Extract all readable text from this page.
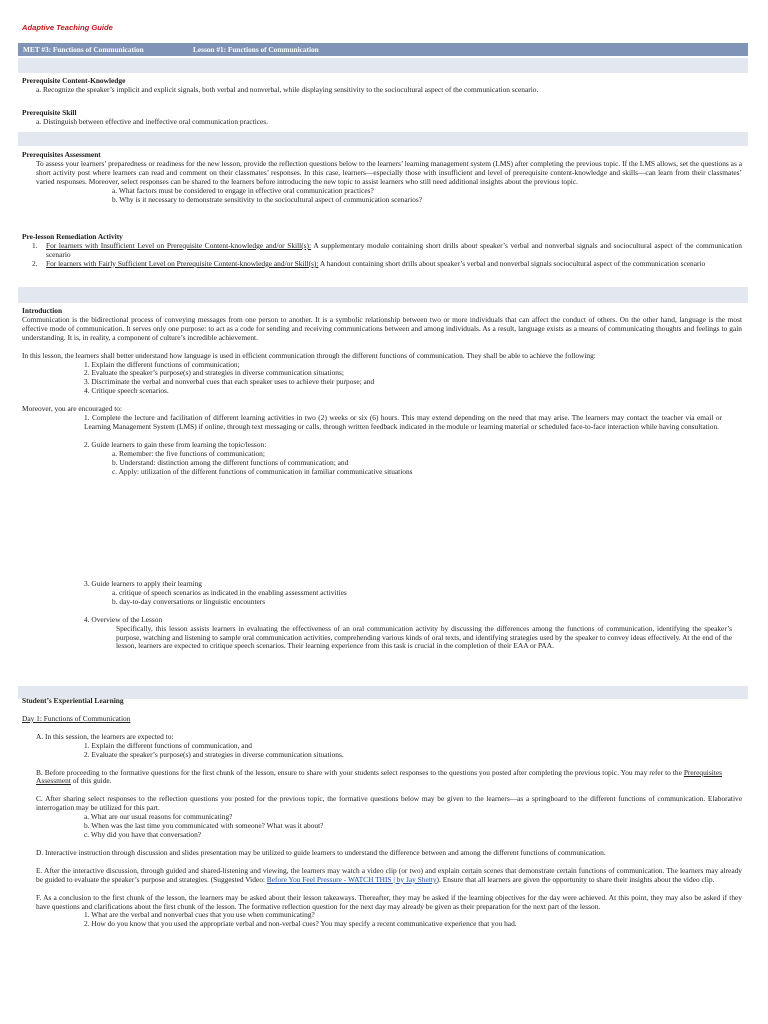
Adaptive Teaching Guide
MET #3: Functions of Communication	Lesson #1: Functions of Communication
Prerequisite Content-Knowledge
a. Recognize the speaker’s implicit and explicit signals, both verbal and nonverbal, while displaying sensitivity to the sociocultural aspect of the communication scenario.
Prerequisite Skill
a. Distinguish between effective and ineffective oral communication practices.
Prerequisites Assessment
To assess your learners’ preparedness or readiness for the new lesson, provide the reflection questions below to the learners’ learning management system (LMS) after completing the previous topic. If the LMS allows, set the questions as a short activity post where learners can read and comment on their classmates’ responses. In this case, learners—especially those with insufficient and level of prerequisite content-knowledge and skills—can learn from their classmates’ varied responses. Moreover, select responses can be shared to the learners before introducing the new topic to assist learners who still need additional insights about the previous topic.
a. What factors must be considered to engage in effective oral communication practices?
b. Why is it necessary to demonstrate sensitivity to the sociocultural aspect of communication scenarios?
Pre-lesson Remediation Activity
1. For learners with Insufficient Level on Prerequisite Content-knowledge and/or Skill(s): A supplementary module containing short drills about speaker’s verbal and nonverbal signals and sociocultural aspect of the communication scenario
2. For learners with Fairly Sufficient Level on Prerequisite Content-knowledge and/or Skill(s): A handout containing short drills about speaker’s verbal and nonverbal signals sociocultural aspect of the communication scenario
Introduction
Communication is the bidirectional process of conveying messages from one person to another. It is a symbolic relationship between two or more individuals that can affect the conduct of others. On the other hand, language is the most effective mode of communication. It serves only one purpose: to act as a code for sending and receiving communications between and among individuals. As a result, language exists as a means of communicating thoughts and feelings to gain understanding. It is, in reality, a component of culture’s incredible achievement.
In this lesson, the learners shall better understand how language is used in efficient communication through the different functions of communication. They shall be able to achieve the following:
1. Explain the different functions of communication;
2. Evaluate the speaker’s purpose(s) and strategies in diverse communication situations;
3. Discriminate the verbal and nonverbal cues that each speaker uses to achieve their purpose; and
4. Critique speech scenarios.
Moreover, you are encouraged to:
1. Complete the lecture and facilitation of different learning activities in two (2) weeks or six (6) hours. This may extend depending on the need that may arise. The learners may contact the teacher via email or Learning Management System (LMS) if online, through text messaging or calls, through written feedback indicated in the module or learning material or scheduled face-to-face interaction while having consultation.
2. Guide learners to gain these from learning the topic/lesson:
a. Remember: the five functions of communication;
b. Understand: distinction among the different functions of communication; and
c. Apply: utilization of the different functions of communication in familiar communicative situations
3. Guide learners to apply their learning
a. critique of speech scenarios as indicated in the enabling assessment activities
b. day-to-day conversations or linguistic encounters
4. Overview of the Lesson
Specifically, this lesson assists learners in evaluating the effectiveness of an oral communication activity by discussing the differences among the functions of communication, identifying the speaker’s purpose, watching and listening to sample oral communication activities, comprehending various kinds of oral texts, and identifying strategies used by the speaker to convey ideas effectively. At the end of the lesson, learners are expected to critique speech scenarios. Their learning experience from this task is crucial in the completion of their EAA or PAA.
Student’s Experiential Learning
Day 1: Functions of Communication
A. In this session, the learners are expected to:
1. Explain the different functions of communication, and
2. Evaluate the speaker’s purpose(s) and strategies in diverse communication situations.
B. Before proceeding to the formative questions for the first chunk of the lesson, ensure to share with your students select responses to the questions you posted after completing the previous topic. You may refer to the Prerequisites Assessment of this guide.
C. After sharing select responses to the reflection questions you posted for the previous topic, the formative questions below may be given to the learners—as a springboard to the different functions of communication. Elaborative interrogation may be utilized for this part.
a. What are our usual reasons for communicating?
b. When was the last time you communicated with someone? What was it about?
c. Why did you have that conversation?
D. Interactive instruction through discussion and slides presentation may be utilized to guide learners to understand the difference between and among the different functions of communication.
E. After the interactive discussion, through guided and shared-listening and viewing, the learners may watch a video clip (or two) and explain certain scenes that demonstrate certain functions of communication. The learners may already be guided to evaluate the speaker’s purpose and strategies. (Suggested Video: Before You Feel Pressure - WATCH THIS | by Jay Shetty). Ensure that all learners are given the opportunity to share their insights about the video clip.
F. As a conclusion to the first chunk of the lesson, the learners may be asked about their lesson takeaways. Thereafter, they may be asked if the learning objectives for the day were achieved. At this point, they may also be asked if they have questions and clarifications about the first chunk of the lesson. The formative reflection question for the next day may already be given as their preparation for the next part of the lesson.
1. What are the verbal and nonverbal cues that you use when communicating?
2. How do you know that you used the appropriate verbal and non-verbal cues? You may specify a recent communicative experience that you had.
